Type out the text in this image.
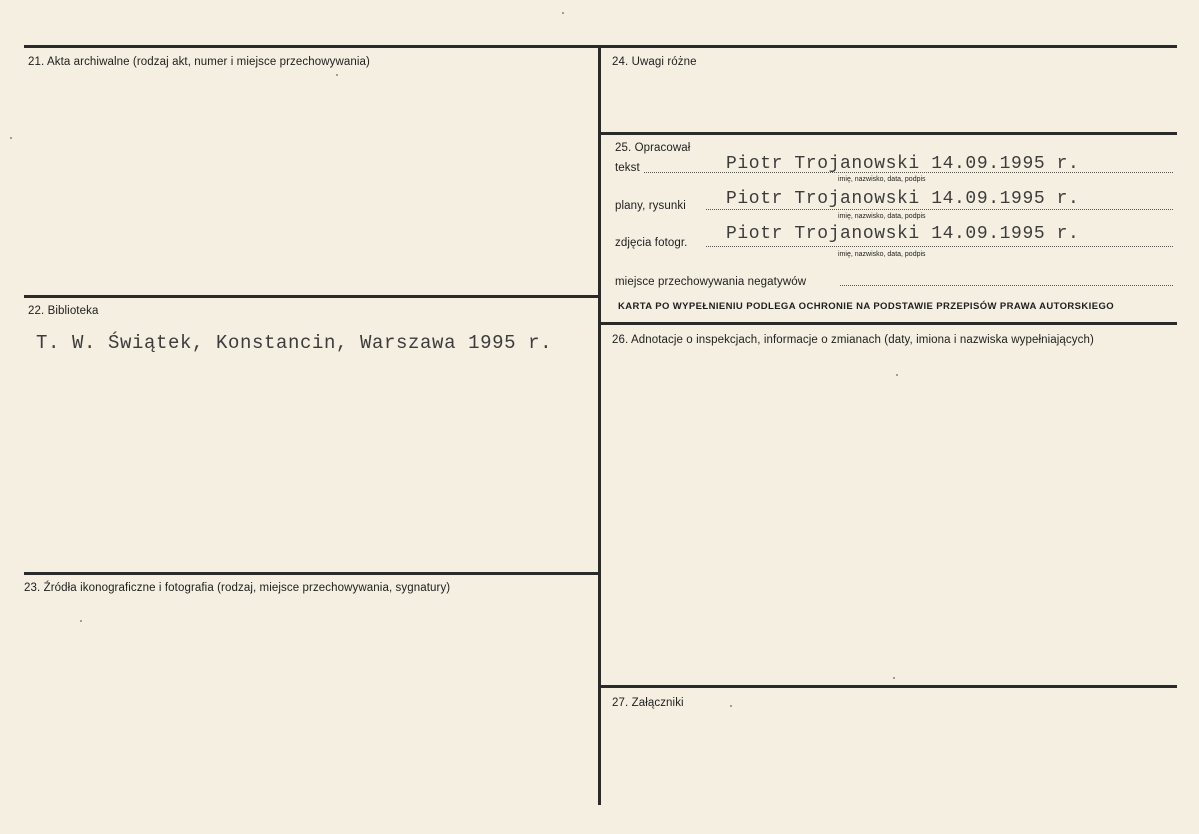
21. Akta archiwalne (rodzaj akt, numer i miejsce przechowywania)
22. Biblioteka
T. W. Świątek, Konstancin, Warszawa 1995 r.
23. Źródła ikonograficzne i fotografia (rodzaj, miejsce przechowywania, sygnatury)
24. Uwagi różne
25. Opracował
tekst	Piotr Trojanowski 14.09.1995 r.
imię, nazwisko, data, podpis
plany, rysunki Piotr Trojanowski 14.09.1995 r.
imię, nazwisko, data, podpis
zdjęcia fotogr. Piotr Trojanowski 14.09.1995 r.
imię, nazwisko, data, podpis
miejsce przechowywania negatywów
KARTA PO WYPEŁNIENIU PODLEGA OCHRONIE NA PODSTAWIE PRZEPISÓW PRAWA AUTORSKIEGO
26. Adnotacje o inspekcjach, informacje o zmianach (daty, imiona i nazwiska wypełniających)
27. Załączniki
